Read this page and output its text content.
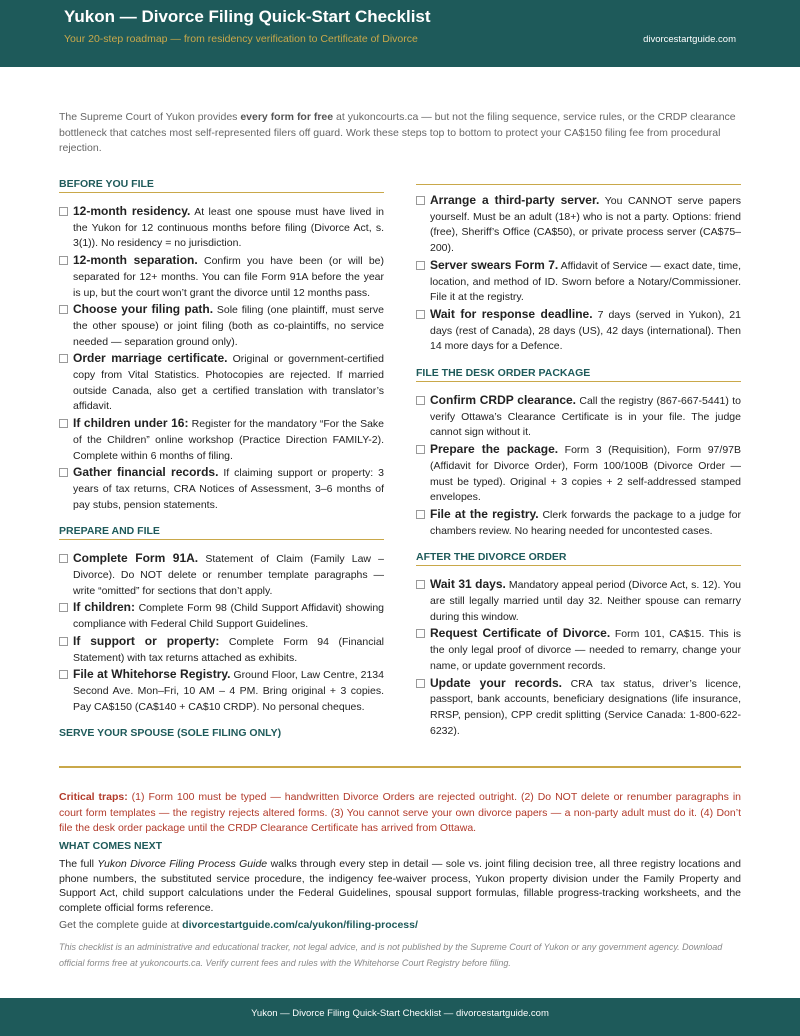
Yukon — Divorce Filing Quick-Start Checklist
Your 20-step roadmap — from residency verification to Certificate of Divorce	divorcestartguide.com
The Supreme Court of Yukon provides every form for free at yukoncourts.ca — but not the filing sequence, service rules, or the CRDP clearance bottleneck that catches most self-represented filers off guard. Work these steps top to bottom to protect your CA$150 filing fee from procedural rejection.
BEFORE YOU FILE
12-month residency. At least one spouse must have lived in the Yukon for 12 continuous months before filing (Divorce Act, s. 3(1)). No residency = no jurisdiction.
12-month separation. Confirm you have been (or will be) separated for 12+ months. You can file Form 91A before the year is up, but the court won’t grant the divorce until 12 months pass.
Choose your filing path. Sole filing (one plaintiff, must serve the other spouse) or joint filing (both as co-plaintiffs, no service needed — separation ground only).
Order marriage certificate. Original or government-certified copy from Vital Statistics. Photocopies are rejected. If married outside Canada, also get a certified translation with translator’s affidavit.
If children under 16: Register for the mandatory “For the Sake of the Children” online workshop (Practice Direction FAMILY-2). Complete within 6 months of filing.
Gather financial records. If claiming support or property: 3 years of tax returns, CRA Notices of Assessment, 3–6 months of pay stubs, pension statements.
PREPARE AND FILE
Complete Form 91A. Statement of Claim (Family Law – Divorce). Do NOT delete or renumber template paragraphs — write “omitted” for sections that don’t apply.
If children: Complete Form 98 (Child Support Affidavit) showing compliance with Federal Child Support Guidelines.
If support or property: Complete Form 94 (Financial Statement) with tax returns attached as exhibits.
File at Whitehorse Registry. Ground Floor, Law Centre, 2134 Second Ave. Mon–Fri, 10 AM – 4 PM. Bring original + 3 copies. Pay CA$150 (CA$140 + CA$10 CRDP). No personal cheques.
SERVE YOUR SPOUSE (SOLE FILING ONLY)
Arrange a third-party server. You CANNOT serve papers yourself. Must be an adult (18+) who is not a party. Options: friend (free), Sheriff’s Office (CA$50), or private process server (CA$75–200).
Server swears Form 7. Affidavit of Service — exact date, time, location, and method of ID. Sworn before a Notary/Commissioner. File it at the registry.
Wait for response deadline. 7 days (served in Yukon), 21 days (rest of Canada), 28 days (US), 42 days (international). Then 14 more days for a Defence.
FILE THE DESK ORDER PACKAGE
Confirm CRDP clearance. Call the registry (867-667-5441) to verify Ottawa’s Clearance Certificate is in your file. The judge cannot sign without it.
Prepare the package. Form 3 (Requisition), Form 97/97B (Affidavit for Divorce Order), Form 100/100B (Divorce Order — must be typed). Original + 3 copies + 2 self-addressed stamped envelopes.
File at the registry. Clerk forwards the package to a judge for chambers review. No hearing needed for uncontested cases.
AFTER THE DIVORCE ORDER
Wait 31 days. Mandatory appeal period (Divorce Act, s. 12). You are still legally married until day 32. Neither spouse can remarry during this window.
Request Certificate of Divorce. Form 101, CA$15. This is the only legal proof of divorce — needed to remarry, change your name, or update government records.
Update your records. CRA tax status, driver’s licence, passport, bank accounts, beneficiary designations (life insurance, RRSP, pension), CPP credit splitting (Service Canada: 1-800-622-6232).
Critical traps: (1) Form 100 must be typed — handwritten Divorce Orders are rejected outright. (2) Do NOT delete or renumber paragraphs in court form templates — the registry rejects altered forms. (3) You cannot serve your own divorce papers — a non-party adult must do it. (4) Don’t file the desk order package until the CRDP Clearance Certificate has arrived from Ottawa.
WHAT COMES NEXT
The full Yukon Divorce Filing Process Guide walks through every step in detail — sole vs. joint filing decision tree, all three registry locations and phone numbers, the substituted service procedure, the indigency fee-waiver process, Yukon property division under the Family Property and Support Act, child support calculations under the Federal Guidelines, spousal support formulas, fillable progress-tracking worksheets, and the complete official forms reference.
Get the complete guide at divorcestartguide.com/ca/yukon/filing-process/
This checklist is an administrative and educational tracker, not legal advice, and is not published by the Supreme Court of Yukon or any government agency. Download official forms free at yukoncourts.ca. Verify current fees and rules with the Whitehorse Court Registry before filing.
Yukon — Divorce Filing Quick-Start Checklist — divorcestartguide.com
